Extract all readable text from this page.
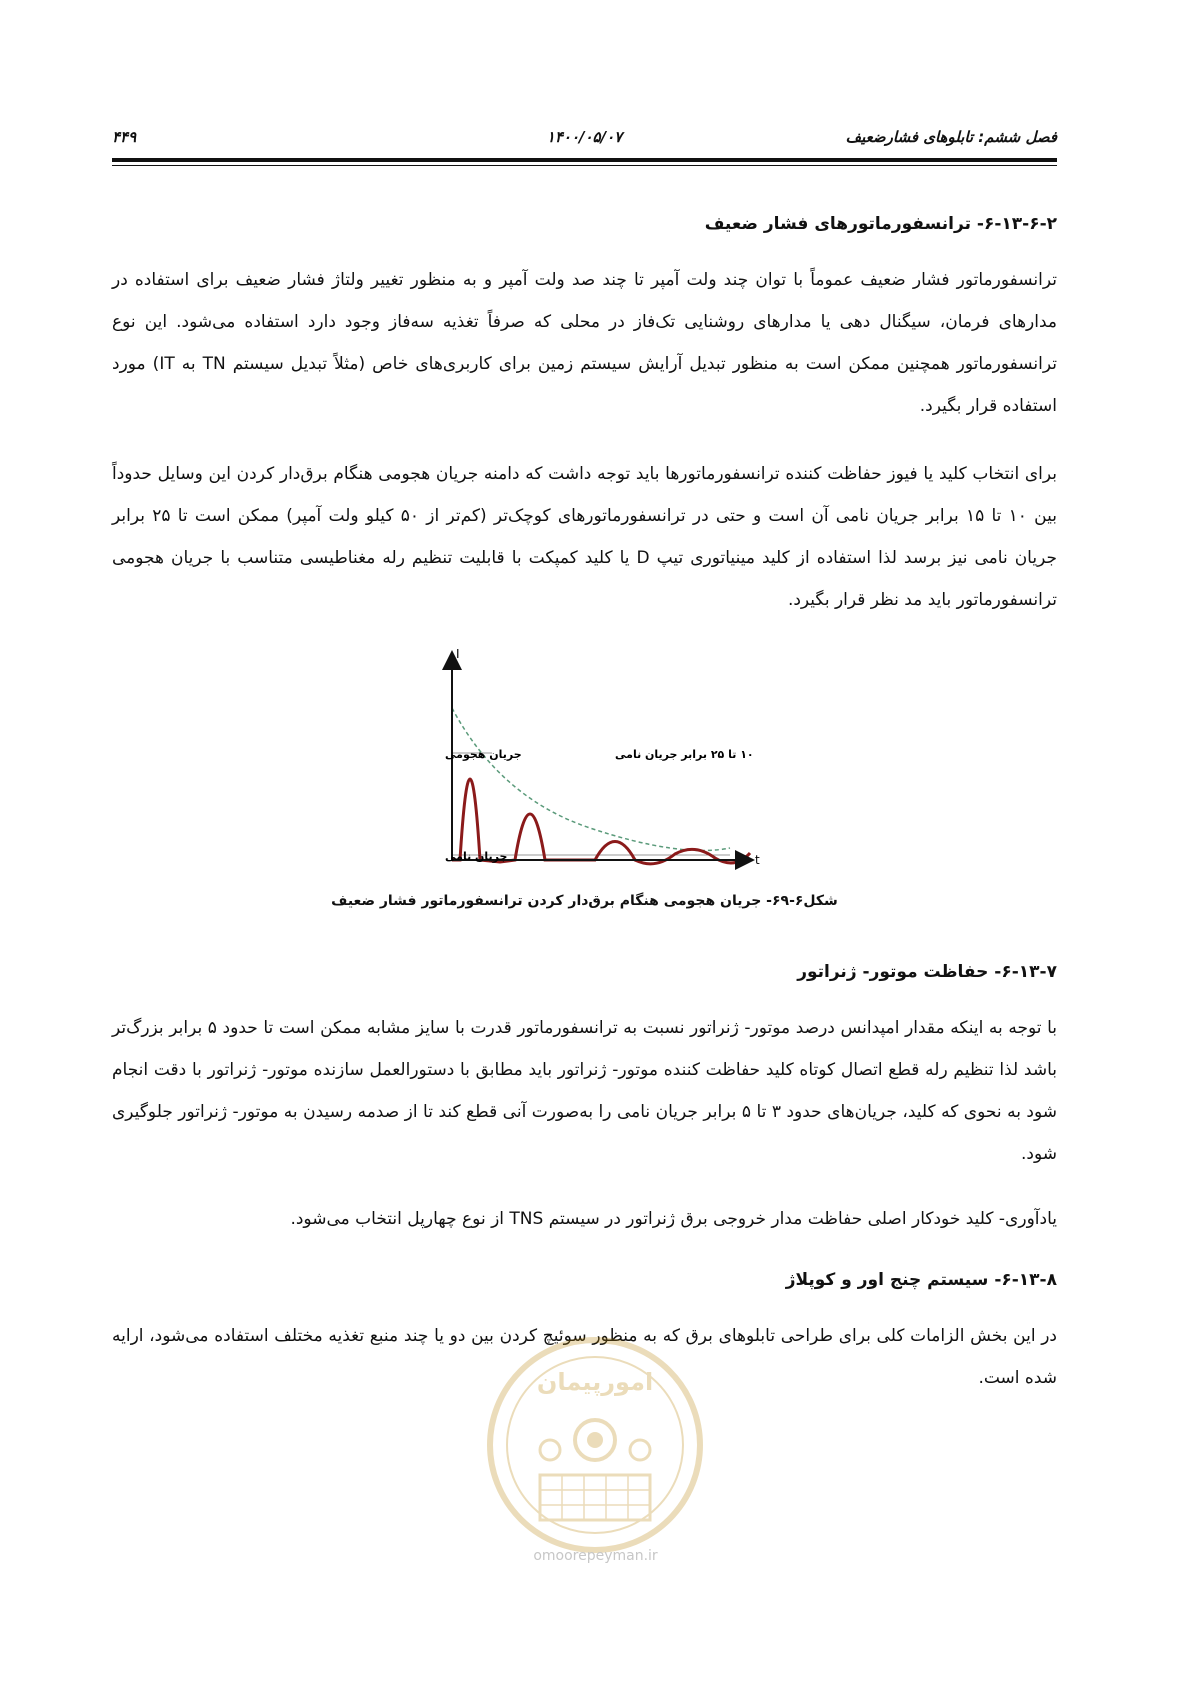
فصل ششم: تابلوهای فشارضعیف
۱۴۰۰/۰۵/۰۷
۴۴۹
۶-۱۳-۶-۲- ترانسفورماتورهای فشار ضعیف

ترانسفورماتور فشار ضعیف عموماً با توان چند ولت آمپر تا چند صد ولت آمپر و به منظور تغییر ولتاژ فشار ضعیف برای استفاده در مدارهای فرمان، سیگنال دهی یا مدارهای روشنایی تک‌فاز در محلی که صرفاً تغذیه سه‌فاز وجود دارد استفاده می‌شود. این نوع ترانسفورماتور همچنین ممکن است به منظور تبدیل آرایش سیستم زمین برای کاربری‌های خاص (مثلاً تبدیل سیستم TN به IT) مورد استفاده قرار بگیرد.

برای انتخاب کلید یا فیوز حفاظت کننده ترانسفورماتورها باید توجه داشت که دامنه جریان هجومی هنگام برق‌دار کردن این وسایل حدوداً بین ۱۰ تا ۱۵ برابر جریان نامی آن است و حتی در ترانسفورماتورهای کوچک‌تر (کم‌تر از ۵۰ کیلو ولت آمپر) ممکن است تا ۲۵ برابر جریان نامی نیز برسد لذا استفاده از کلید مینیاتوری تیپ D یا کلید کمپکت با قابلیت تنظیم رله مغناطیسی متناسب با جریان هجومی ترانسفورماتور باید مد نظر قرار بگیرد.

I
t
جریان هجومی
جریان نامی
۱۰ تا ۲۵ برابر جریان نامی
شکل۶-۶۹- جریان هجومی هنگام برق‌دار کردن ترانسفورماتور فشار ضعیف
۶-۱۳-۷- حفاظت موتور- ژنراتور

با توجه به اینکه مقدار امپدانس درصد موتور- ژنراتور نسبت به ترانسفورماتور قدرت با سایز مشابه ممکن است تا حدود ۵ برابر بزرگ‌تر باشد لذا تنظیم رله قطع اتصال کوتاه کلید حفاظت کننده موتور- ژنراتور باید مطابق با دستورالعمل سازنده موتور- ژنراتور با دقت انجام شود به نحوی که کلید، جریان‌های حدود ۳ تا ۵ برابر جریان نامی را به‌صورت آنی قطع کند تا از صدمه رسیدن به موتور- ژنراتور جلوگیری شود.

یادآوری- کلید خودکار اصلی حفاظت مدار خروجی برق ژنراتور در سیستم TNS از نوع چهارپل انتخاب می‌شود.

۶-۱۳-۸- سیستم چنج اور و کوپلاژ

در این بخش الزامات کلی برای طراحی تابلوهای برق که به منظور سوئیچ کردن بین دو یا چند منبع تغذیه مختلف استفاده می‌شود، ارایه شده است.

امورپیمان
omoorepeyman.ir
